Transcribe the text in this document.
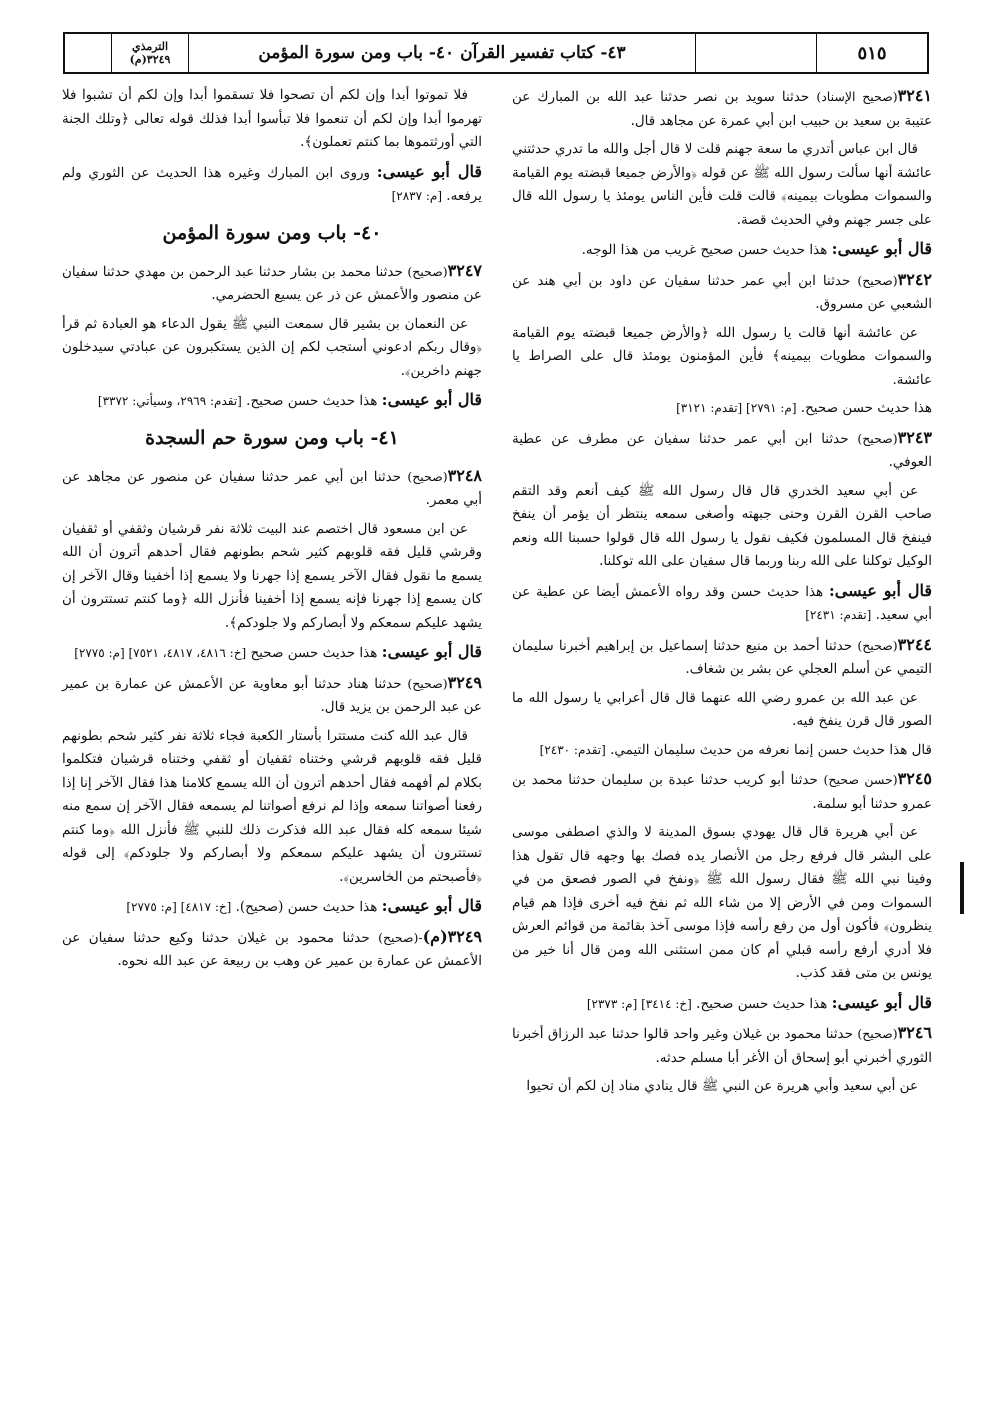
الترمذي
٣٢٤٩(م)	٤٣- كتاب تفسير القرآن ٤٠- باب ومن سورة المؤمن	٥١٥

٣٢٤١(صحيح الإسناد) حدثنا سويد بن نصر حدثنا عبد الله بن المبارك عن عتيبة بن سعيد بن حبيب ابن أبي عمرة عن مجاهد قال.

قال ابن عباس أتدري ما سعة جهنم قلت لا قال أجل والله ما تدري حدثتني عائشة أنها سألت رسول الله ﷺ عن قوله ﴿والأرض جميعا قبضته يوم القيامة والسموات مطويات بيمينه﴾ قالت قلت فأين الناس يومئذ يا رسول الله قال على جسر جهنم وفي الحديث قصة.

قال أبو عيسى: هذا حديث حسن صحيح غريب من هذا الوجه.

٣٢٤٢(صحيح) حدثنا ابن أبي عمر حدثنا سفيان عن داود بن أبي هند عن الشعبي عن مسروق.

عن عائشة أنها قالت يا رسول الله ﴿والأرض جميعا قبضته يوم القيامة والسموات مطويات بيمينه﴾ فأين المؤمنون يومئذ قال على الصراط يا عائشة.

هذا حديث حسن صحيح. [م: ٢٧٩١] [تقدم: ٣١٢١]

٣٢٤٣(صحيح) حدثنا ابن أبي عمر حدثنا سفيان عن مطرف عن عطية العوفي.

عن أبي سعيد الخدري قال قال رسول الله ﷺ كيف أنعم وقد التقم صاحب القرن القرن وحنى جبهته وأصغى سمعه ينتظر أن يؤمر أن ينفخ فينفخ قال المسلمون فكيف نقول يا رسول الله قال قولوا حسبنا الله ونعم الوكيل توكلنا على الله ربنا وربما قال سفيان على الله توكلنا.

قال أبو عيسى: هذا حديث حسن وقد رواه الأعمش أيضا عن عطية عن أبي سعيد. [تقدم: ٢٤٣١]

٣٢٤٤(صحيح) حدثنا أحمد بن منيع حدثنا إسماعيل بن إبراهيم أخبرنا سليمان التيمي عن أسلم العجلي عن بشر بن شغاف.

عن عبد الله بن عمرو رضي الله عنهما قال قال أعرابي يا رسول الله ما الصور قال قرن ينفخ فيه.

قال هذا حديث حسن إنما نعرفه من حديث سليمان التيمي. [تقدم: ٢٤٣٠]

٣٢٤٥(حسن صحيح) حدثنا أبو كريب حدثنا عبدة بن سليمان حدثنا محمد بن عمرو حدثنا أبو سلمة.

عن أبي هريرة قال قال يهودي بسوق المدينة لا والذي اصطفى موسى على البشر قال فرفع رجل من الأنصار يده فصك بها وجهه قال تقول هذا وفينا نبي الله ﷺ فقال رسول الله ﷺ ﴿ونفخ في الصور فصعق من في السموات ومن في الأرض إلا من شاء الله ثم نفخ فيه أخرى فإذا هم قيام ينظرون﴾ فأكون أول من رفع رأسه فإذا موسى آخذ بقائمة من قوائم العرش فلا أدري أرفع رأسه قبلي أم كان ممن استثنى الله ومن قال أنا خير من يونس بن متى فقد كذب.

قال أبو عيسى: هذا حديث حسن صحيح. [خ: ٣٤١٤] [م: ٢٣٧٣]

٣٢٤٦(صحيح) حدثنا محمود بن غيلان وغير واحد قالوا حدثنا عبد الرزاق أخبرنا الثوري أخبرني أبو إسحاق أن الأغر أبا مسلم حدثه.

عن أبي سعيد وأبي هريرة عن النبي ﷺ قال ينادي مناد إن لكم أن تحيوا

فلا تموتوا أبدا وإن لكم أن تصحوا فلا تسقموا أبدا وإن لكم أن تشبوا فلا تهرموا أبدا وإن لكم أن تنعموا فلا تبأسوا أبدا فذلك قوله تعالى ﴿وتلك الجنة التي أورثتموها بما كنتم تعملون﴾.

قال أبو عيسى: وروى ابن المبارك وغيره هذا الحديث عن الثوري ولم يرفعه. [م: ٢٨٣٧]

٤٠- باب ومن سورة المؤمن

٣٢٤٧(صحيح) حدثنا محمد بن بشار حدثنا عبد الرحمن بن مهدي حدثنا سفيان عن منصور والأعمش عن ذر عن يسيع الحضرمي.

عن النعمان بن بشير قال سمعت النبي ﷺ يقول الدعاء هو العبادة ثم قرأ ﴿وقال ربكم ادعوني أستجب لكم إن الذين يستكبرون عن عبادتي سيدخلون جهنم داخرين﴾.

قال أبو عيسى: هذا حديث حسن صحيح. [تقدم: ٢٩٦٩، وسيأتي: ٣٣٧٢]

٤١- باب ومن سورة حم السجدة

٣٢٤٨(صحيح) حدثنا ابن أبي عمر حدثنا سفيان عن منصور عن مجاهد عن أبي معمر.

عن ابن مسعود قال اختصم عند البيت ثلاثة نفر قرشيان وثقفي أو ثقفيان وقرشي قليل فقه قلوبهم كثير شحم بطونهم فقال أحدهم أترون أن الله يسمع ما نقول فقال الآخر يسمع إذا جهرنا ولا يسمع إذا أخفينا وقال الآخر إن كان يسمع إذا جهرنا فإنه يسمع إذا أخفينا فأنزل الله ﴿وما كنتم تستترون أن يشهد عليكم سمعكم ولا أبصاركم ولا جلودكم﴾.

قال أبو عيسى: هذا حديث حسن صحيح [خ: ٤٨١٦، ٤٨١٧، ٧٥٢١] [م: ٢٧٧٥]

٣٢٤٩(صحيح) حدثنا هناد حدثنا أبو معاوية عن الأعمش عن عمارة بن عمير عن عبد الرحمن بن يزيد قال.

قال عبد الله كنت مستترا بأستار الكعبة فجاء ثلاثة نفر كثير شحم بطونهم قليل فقه قلوبهم قرشي وختناه ثقفيان أو ثقفي وختناه قرشيان فتكلموا بكلام لم أفهمه فقال أحدهم أترون أن الله يسمع كلامنا هذا فقال الآخر إنا إذا رفعنا أصواتنا سمعه وإذا لم نرفع أصواتنا لم يسمعه فقال الآخر إن سمع منه شيئا سمعه كله فقال عبد الله فذكرت ذلك للنبي ﷺ فأنزل الله ﴿وما كنتم تستترون أن يشهد عليكم سمعكم ولا أبصاركم ولا جلودكم﴾ إلى قوله ﴿فأصبحتم من الخاسرين﴾.

قال أبو عيسى: هذا حديث حسن (صحيح). [خ: ٤٨١٧] [م: ٢٧٧٥]

٣٢٤٩(م)-(صحيح) حدثنا محمود بن غيلان حدثنا وكيع حدثنا سفيان عن الأعمش عن عمارة بن عمير عن وهب بن ربيعة عن عبد الله نحوه.
